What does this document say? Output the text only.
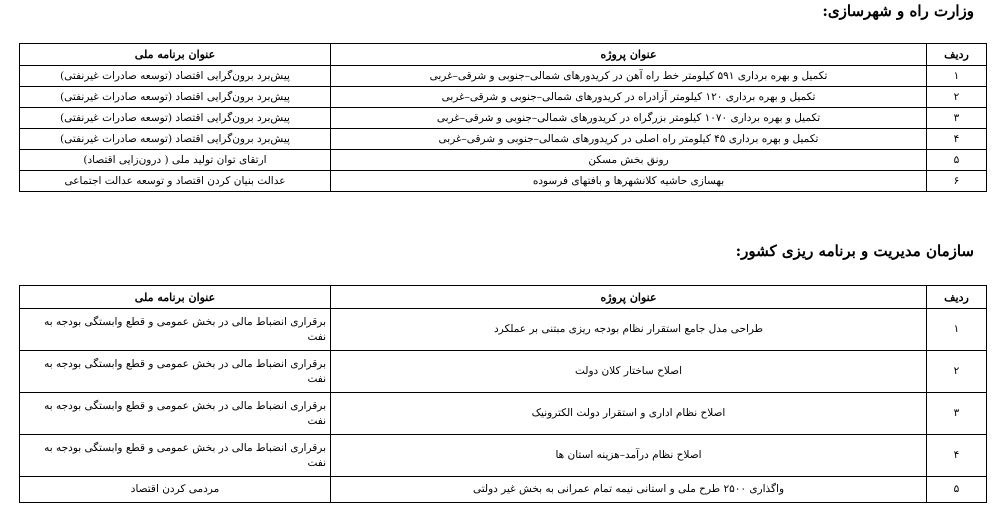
وزارت راه و شهرسازی:
ردیف	عنوان پروژه	عنوان برنامه ملی
۱	تکمیل و بهره برداری ۵۹۱ کیلومتر خط راه آهن در کریدورهای شمالی–جنوبی و شرقی–غربی	پیش‌برد برون‌گرایی اقتصاد (توسعه صادرات غیرنفتی)
۲	تکمیل و بهره برداری ۱۲۰ کیلومتر آزادراه در کریدورهای شمالی–جنوبی و شرقی–غربی	پیش‌برد برون‌گرایی اقتصاد (توسعه صادرات غیرنفتی)
۳	تکمیل و بهره برداری ۱۰۷۰ کیلومتر بزرگراه در کریدورهای شمالی–جنوبی و شرقی–غربی	پیش‌برد برون‌گرایی اقتصاد (توسعه صادرات غیرنفتی)
۴	تکمیل و بهره برداری ۴۵ کیلومتر راه اصلی در کریدورهای شمالی–جنوبی و شرقی–غربی	پیش‌برد برون‌گرایی اقتصاد (توسعه صادرات غیرنفتی)
۵	رونق بخش مسکن	ارتقای توان تولید ملی ( درون‌زایی اقتصاد)
۶	بهسازی حاشیه کلانشهرها و بافتهای فرسوده	عدالت بنیان کردن اقتصاد و توسعه عدالت اجتماعی
سازمان مدیریت و برنامه ریزی کشور:
ردیف	عنوان پروژه	عنوان برنامه ملی
۱	طراحی مدل جامع استقرار نظام بودجه ریزی مبتنی بر عملکرد	برقراری انضباط مالی در بخش عمومی و قطع وابستگی بودجه به نفت
۲	اصلاح ساختار کلان دولت	برقراری انضباط مالی در بخش عمومی و قطع وابستگی بودجه به نفت
۳	اصلاح نظام اداری و استقرار دولت الکترونیک	برقراری انضباط مالی در بخش عمومی و قطع وابستگی بودجه به نفت
۴	اصلاح نظام درآمد–هزینه استان ها	برقراری انضباط مالی در بخش عمومی و قطع وابستگی بودجه به نفت
۵	واگذاری ۲۵۰۰ طرح ملی و استانی نیمه تمام عمرانی به بخش غیر دولتی	مردمی کردن اقتصاد
